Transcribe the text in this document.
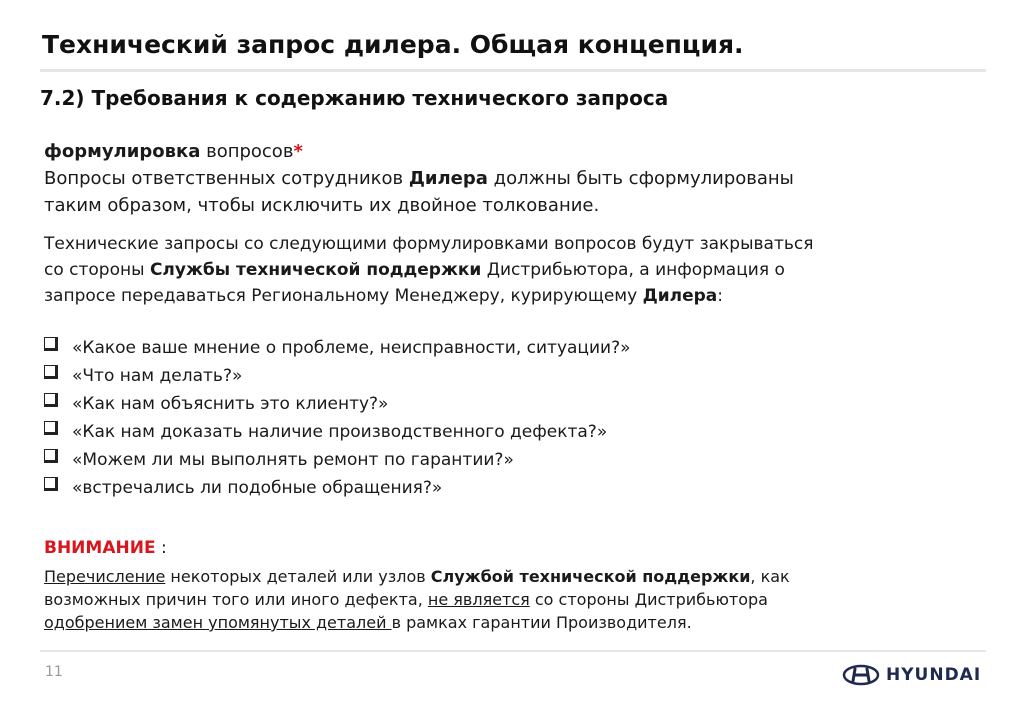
Технический запрос дилера. Общая концепция.
7.2) Требования к содержанию технического запроса
формулировка вопросов*
Вопросы ответственных сотрудников Дилера должны быть сформулированы
таким образом, чтобы исключить их двойное толкование.
Технические запросы со следующими формулировками вопросов будут закрываться
со стороны Службы технической поддержки Дистрибьютора, а информация о
запросе передаваться Региональному Менеджеру, курирующему Дилера:
«Какое ваше мнение о проблеме, неисправности, ситуации?»
«Что нам делать?»
«Как нам объяснить это клиенту?»
«Как нам доказать наличие производственного дефекта?»
«Можем ли мы выполнять ремонт по гарантии?»
«встречались ли подобные обращения?»
ВНИМАНИЕ :
Перечисление некоторых деталей или узлов Службой технической поддержки, как
возможных причин того или иного дефекта, не является со стороны Дистрибьютора
одобрением замен упомянутых деталей в рамках гарантии Производителя.
11	HYUNDAI
